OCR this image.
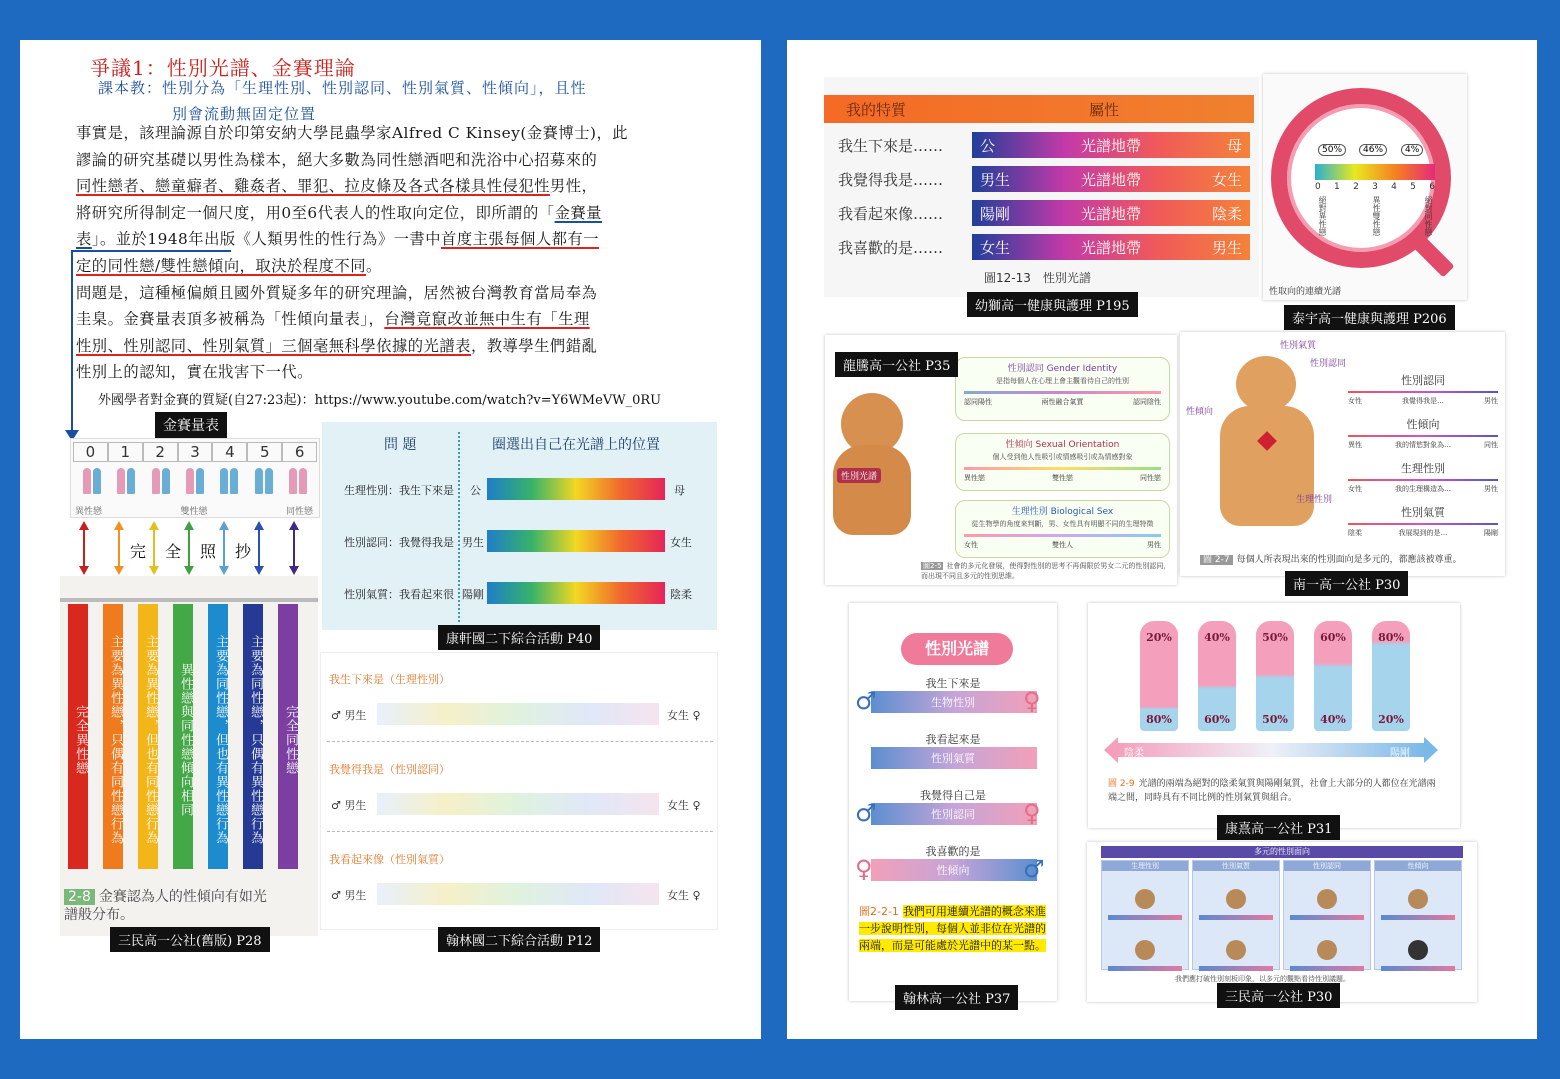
爭議1：性別光譜、金賽理論
課本教：性別分為「生理性別、性別認同、性別氣質、性傾向」，且性
別會流動無固定位置
事實是，該理論源自於印第安納大學昆蟲學家Alfred C Kinsey(金賽博士)，此
謬論的研究基礎以男性為樣本，絕大多數為同性戀酒吧和洗浴中心招募來的
同性戀者、戀童癖者、雞姦者、罪犯、拉皮條及各式各樣具性侵犯性男性，
將研究所得制定一個尺度，用0至6代表人的性取向定位，即所謂的「金賽量
表」。並於1948年出版《人類男性的性行為》一書中首度主張每個人都有一
定的同性戀/雙性戀傾向，取決於程度不同。
問題是，這種極偏頗且國外質疑多年的研究理論，居然被台灣教育當局奉為
圭臬。金賽量表頂多被稱為「性傾向量表」，台灣竟竄改並無中生有「生理
性別、性別認同、性別氣質」三個毫無科學依據的光譜表，教導學生們錯亂
性別上的認知，實在戕害下一代。
外國學者對金賽的質疑(自27:23起)：https://www.youtube.com/watch?v=Y6WMeVW_0RU
金賽量表
0	1	2	3	4	5	6
異性戀	雙性戀	同性戀
完 全 照 抄
完全異性戀	主要為異性戀，只偶有同性戀行為	主要為異性戀，但也有同性戀行為	異性戀與同性戀傾向相同	主要為同性戀，但也有異性戀行為	主要為同性戀，只偶有異性戀行為	完全同性戀
2-8 金賽認為人的性傾向有如光
譜般分布。
三民高一公社(舊版) P28
問 題	圈選出自己在光譜上的位置
生理性別：我生下來是 公	母
性別認同：我覺得我是 男生	女生
性別氣質：我看起來很 陽剛	陰柔
康軒國二下綜合活動 P40
我生下來是（生理性別）
♂ 男生	女生 ♀
我覺得我是（性別認同）
♂ 男生	女生 ♀
我看起來像（性別氣質）
♂ 男生	女生 ♀
翰林國二下綜合活動 P12
我的特質	屬性
我生下來是……	公	光譜地帶	母
我覺得我是……	男生	光譜地帶	女生
我看起來像……	陽剛	光譜地帶	陰柔
我喜歡的是……	女生	光譜地帶	男生
圖12-13　性別光譜
幼獅高一健康與護理 P195
50%	46%	4%
0 1 2 3 4 5 6
絕對異性戀	異性雙性戀	絕對同性戀
性取向的連續光譜
泰宇高一健康與護理 P206
性別光譜
性別認同 Gender Identity
是指每個人在心理上會主觀看待自己的性別
認同陽性	兩性融合氣質	認同陰性
性傾向 Sexual Orientation
個人受到他人性吸引或情感吸引或為情感對象
異性戀	雙性戀	同性戀
生理性別 Biological Sex
從生物學的角度來判斷，男、女性具有明顯不同的生理特徵
女性	雙性人	男性
圖2-5 社會的多元化發展，使得對性別的思考不再侷限於男女二元的性別認同，而出現不同且多元的性別思維。
龍騰高一公社 P35
性別氣質
性別認同
性傾向
生理性別
性別認同
女性	我覺得我是…	男性
性傾向
異性	我的情慾對象為…	同性
生理性別
女性	我的生理構造為…	男性
性別氣質
陰柔	我展現到的是…	陽剛
圖 2-7 每個人所表現出來的性別面向是多元的，都應該被尊重。
南一高一公社 P30
性別光譜
我生下來是
生物性別
我看起來是
性別氣質
我覺得自己是
性別認同
我喜歡的是
性傾向
♂	♀
♂	♀
♀	♂
圖2-2-1 我們可用連續光譜的概念來進一步說明性別，每個人並非位在光譜的兩端，而是可能處於光譜中的某一點。
翰林高一公社 P37
20%	40%	50%	60%	80%
80%	60%	50%	40%	20%
陰柔	陽剛
圖 2-9 光譜的兩端為絕對的陰柔氣質與陽剛氣質，社會上大部分的人都位在光譜兩端之間，同時具有不同比例的性別氣質與組合。
康熹高一公社 P31
多元的性別面向
生理性別	性別氣質	性別認同	性傾向
我們應打破性別刻板印象，以多元的觀點看待性別議題。
三民高一公社 P30
